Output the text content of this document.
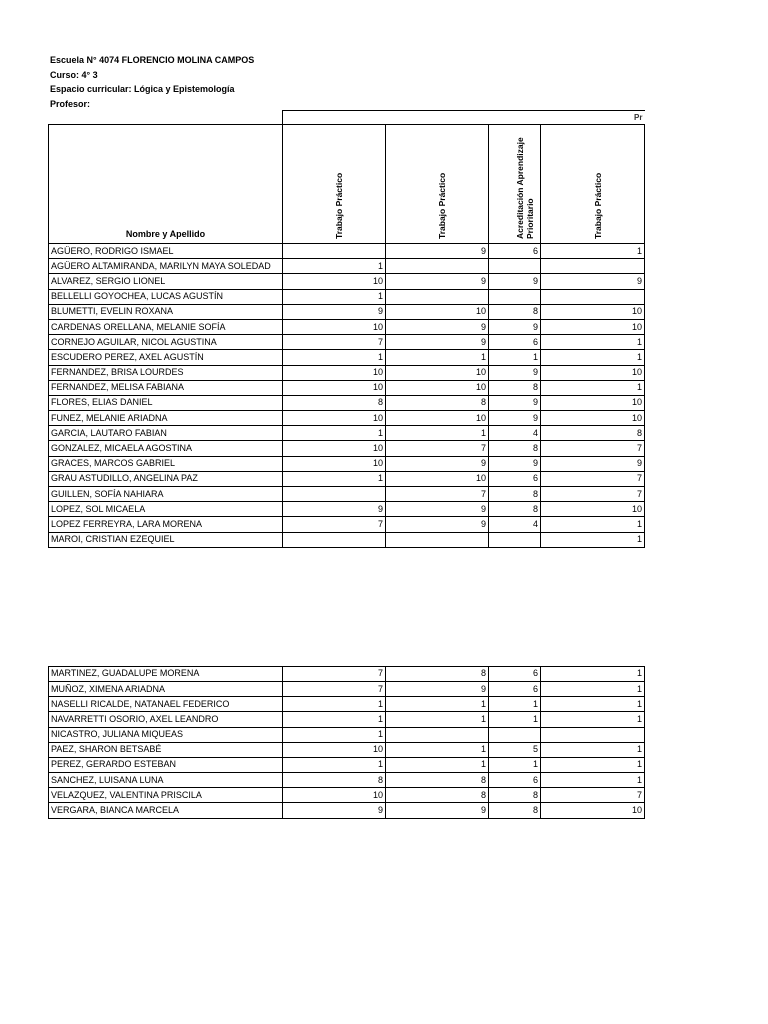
Escuela N° 4074 FLORENCIO MOLINA CAMPOS
Curso: 4° 3
Espacio curricular: Lógica y Epistemología
Profesor:
	Pr			
Nombre y Apellido	Trabajo Práctico	Trabajo Práctico	Acreditación Aprendizaje Prioritario	Trabajo Práctico

AGÜERO, RODRIGO ISMAEL		9	6	1
AGÜERO ALTAMIRANDA, MARILYN MAYA SOLEDAD	1			
ALVAREZ, SERGIO LIONEL	10	9	9	9
BELLELLI GOYOCHEA, LUCAS AGUSTÍN	1			
BLUMETTI, EVELIN ROXANA	9	10	8	10
CARDENAS ORELLANA, MELANIE SOFÍA	10	9	9	10
CORNEJO AGUILAR, NICOL AGUSTINA	7	9	6	1
ESCUDERO PEREZ, AXEL AGUSTÍN	1	1	1	1
FERNANDEZ, BRISA LOURDES	10	10	9	10
FERNANDEZ, MELISA FABIANA	10	10	8	1
FLORES, ELIAS DANIEL	8	8	9	10
FUNEZ, MELANIE ARIADNA	10	10	9	10
GARCIA, LAUTARO FABIAN	1	1	4	8
GONZALEZ, MICAELA AGOSTINA	10	7	8	7
GRACES, MARCOS GABRIEL	10	9	9	9
GRAU ASTUDILLO, ANGELINA PAZ	1	10	6	7
GUILLEN, SOFÍA NAHIARA		7	8	7
LOPEZ, SOL MICAELA	9	9	8	10
LOPEZ FERREYRA, LARA MORENA	7	9	4	1
MAROI, CRISTIAN EZEQUIEL				1

MARTINEZ, GUADALUPE MORENA	7	8	6	1
MUÑOZ, XIMENA ARIADNA	7	9	6	1
NASELLI RICALDE, NATANAEL FEDERICO	1	1	1	1
NAVARRETTI OSORIO, AXEL LEANDRO	1	1	1	1
NICASTRO, JULIANA MIQUEAS	1			
PAEZ, SHARON BETSABÉ	10	1	5	1
PEREZ, GERARDO ESTEBAN	1	1	1	1
SANCHEZ, LUISANA LUNA	8	8	6	1
VELAZQUEZ, VALENTINA PRISCILA	10	8	8	7
VERGARA, BIANCA MARCELA	9	9	8	10
